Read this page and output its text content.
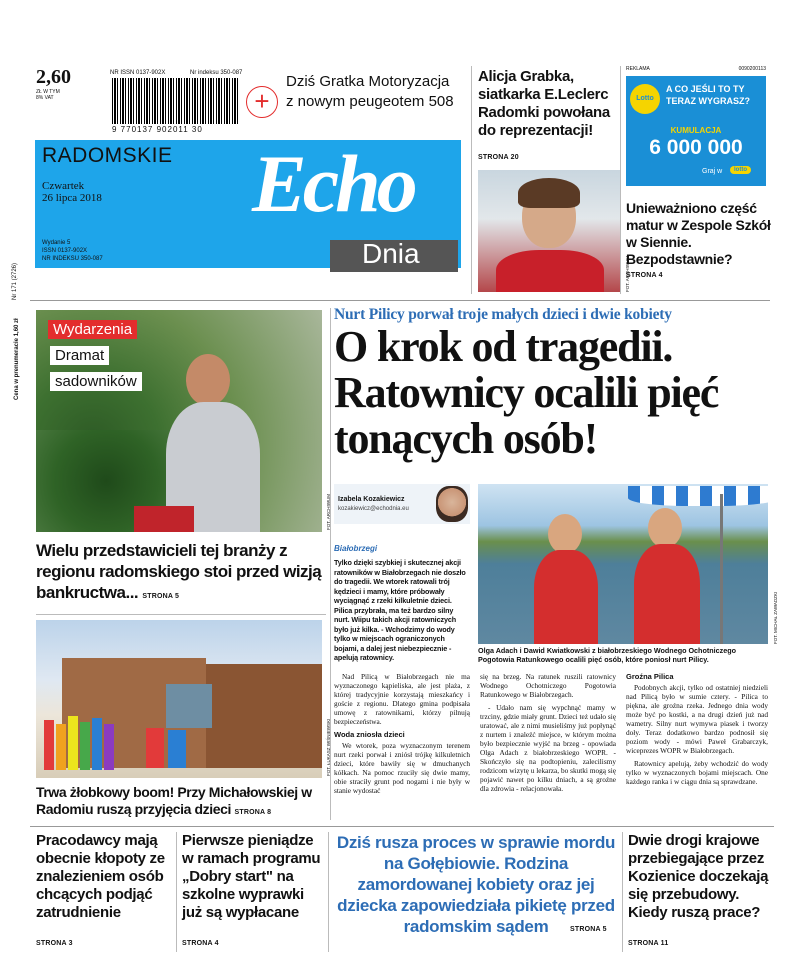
2,60
ZŁ W TYM 8% VAT
NR ISSN 0137-902X	Nr indeksu 350-087
9 770137 902011 30
+
Dziś Gratka Motoryzacja z nowym peugeotem 508
RADOMSKIE
Czwartek
26 lipca 2018
Wydanie 5
ISSN 0137-902X
NR INDEKSU 350-087
Echo
Dnia
Nr 171 (2726)
Cena w prenumeracie 1,60 zł
Alicja Grabka, siatkarka E.Leclerc Radomki powołana do reprezentacji!
STRONA 20
FOT. ARCHIWUM
REKLAMA	0090200113
Lotto
A CO JEŚLI TO TY
TERAZ WYGRASZ?
KUMULACJA
6 000 000
Graj w	lotto
Unieważniono część matur w Zespole Szkół w Siennie. Bezpodstawnie?
STRONA 4
Wydarzenia
Dramat
sadowników
FOT. ARCHIWUM
Wielu przedstawicieli tej branży z regionu radomskiego stoi przed wizją bankructwa... STRONA 5
FOT. ŁUKASZ WIŚNIEWSKI
Trwa żłobkowy boom! Przy Michałowskiej w Radomiu ruszą przyjęcia dzieci STRONA 8
Nurt Pilicy porwał troje małych dzieci i dwie kobiety
O krok od tragedii. Ratownicy ocalili pięć tonących osób!
Izabela Kozakiewicz
kozakiewicz@echodnia.eu
Białobrzegi
Tylko dzięki szybkiej i skutecznej akcji ratowników w Białobrzegach nie doszło do tragedii. We wtorek ratowali trój kędzieci i mamy, które próbowały wyciągnąć z rzeki kilkuletnie dzieci. Pilica przybrała, ma też bardzo silny nurt. Wiipu takich akcji ratowniczych było już kilka. - Wchodzimy do wody tylko w miejscach ograniczonych bojami, a dalej jest niebezpiecznie - apelują ratownicy.
FOT. MICHAŁ ZAWADZKI
Olga Adach i Dawid Kwiatkowski z białobrzeskiego Wodnego Ochotniczego Pogotowia Ratunkowego ocalili pięć osób, które poniosł nurt Pilicy.

Nad Pilicą w Białobrzegach nie ma wyznaczonego kąpieliska, ale jest plaża, z której tradycyjnie korzystają mieszkańcy i goście z regionu. Dlatego gmina podpisała umowę z ratownikami, którzy pilnują bezpieczeństwa.

Woda zniosła dzieci

We wtorek, poza wyznaczonym terenem nurt rzeki porwał i zniósł trójkę kilkuletnich dzieci, które bawiły się w dmuchanych kółkach. Na pomoc rzuciły się dwie mamy, obie straciły grunt pod nogami i nie były w stanie wydostać

się na brzeg. Na ratunek ruszili ratownicy Wodnego Ochotniczego Pogotowia Ratunkowego w Białobrzegach.

- Udało nam się wypchnąć mamy w trzciny, gdzie miały grunt. Dzieci też udało się uratować, ale z nimi musieliśmy już popłynąć z nurtem i znaleźć miejsce, w którym można było bezpiecznie wyjść na brzeg - opowiada Olga Adach z białobrzeskiego WOPR. - Skończyło się na podtopieniu, zalecilismy rodzicom wizytę u lekarza, bo skutki mogą się pojawić nawet po kilku dniach, a są groźne dla zdrowia - relacjonowała.

Groźna Pilica

Podobnych akcji, tylko od ostatniej niedzieli nad Pilicą było w sumie cztery. - Pilica to piękna, ale groźna rzeka. Jednego dnia wody może być po kostki, a na drugi dzień już nad wametry. Silny nurt wymywa piasek i tworzy doły. Teraz dodatkowo bardzo podnosił się poziom wody - mówi Paweł Grabarczyk, wiceprezes WOPR w Białobrzegach.

Ratownicy apelują, żeby wchodzić do wody tylko w wyznaczonych bojami miejscach. One każdego ranka i w ciągu dnia są sprawdzane.

Pracodawcy mają obecnie kłopoty ze znalezieniem osób chcących podjąć zatrudnienie
STRONA 3
Pierwsze pieniądze w ramach programu „Dobry start" na szkolne wyprawki już są wypłacane
STRONA 4
Dziś rusza proces w sprawie mordu na Gołębiowie. Rodzina zamordowanej kobiety oraz jej dziecka zapowiedziała pikietę przed radomskim sądem	STRONA 5
Dwie drogi krajowe przebiegające przez Kozienice doczekają się przebudowy. Kiedy ruszą prace?
STRONA 11
